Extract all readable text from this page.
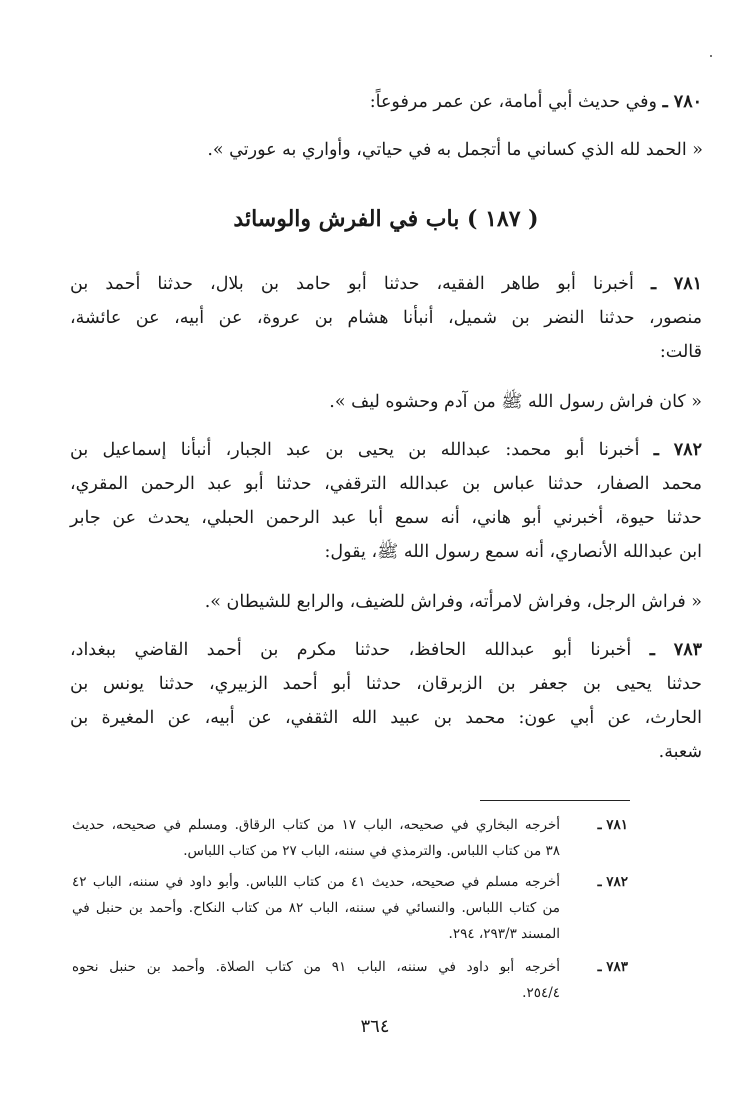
٧٨٠ ـ وفي حديث أبي أمامة، عن عمر مرفوعاً:
« الحمد لله الذي كساني ما أتجمل به في حياتي، وأواري به عورتي ».
( ١٨٧ ) باب في الفرش والوسائد
٧٨١ ـ أخبرنا أبو طاهر الفقيه، حدثنا أبو حامد بن بلال، حدثنا أحمد بن
منصور، حدثنا النضر بن شميل، أنبأنا هشام بن عروة، عن أبيه، عن عائشة،
قالت:
« كان فراش رسول الله ﷺ من آدم وحشوه ليف ».
٧٨٢ ـ أخبرنا أبو محمد: عبدالله بن يحيى بن عبد الجبار، أنبأنا إسماعيل بن
محمد الصفار، حدثنا عباس بن عبدالله الترقفي، حدثنا أبو عبد الرحمن المقري،
حدثنا حيوة، أخبرني أبو هاني، أنه سمع أبا عبد الرحمن الحبلي، يحدث عن جابر
ابن عبدالله الأنصاري، أنه سمع رسول الله ﷺ، يقول:
« فراش الرجل، وفراش لامرأته، وفراش للضيف، والرابع للشيطان ».
٧٨٣ ـ أخبرنا أبو عبدالله الحافظ، حدثنا مكرم بن أحمد القاضي ببغداد،
حدثنا يحيى بن جعفر بن الزبرقان، حدثنا أبو أحمد الزبيري، حدثنا يونس بن
الحارث، عن أبي عون: محمد بن عبيد الله الثقفي، عن أبيه، عن المغيرة بن
شعبة.
٧٨١ ـ
أخرجه البخاري في صحيحه، الباب ١٧ من كتاب الرقاق. ومسلم في صحيحه، حديث
٣٨ من كتاب اللباس. والترمذي في سننه، الباب ٢٧ من كتاب اللباس.
٧٨٢ ـ
أخرجه مسلم في صحيحه، حديث ٤١ من كتاب اللباس. وأبو داود في سننه، الباب ٤٢
من كتاب اللباس. والنسائي في سننه، الباب ٨٢ من كتاب النكاح. وأحمد بن حنبل في
المسند ٢٩٣/٣، ٢٩٤.
٧٨٣ ـ
أخرجه أبو داود في سننه، الباب ٩١ من كتاب الصلاة. وأحمد بن حنبل نحوه
٢٥٤/٤.
٣٦٤
